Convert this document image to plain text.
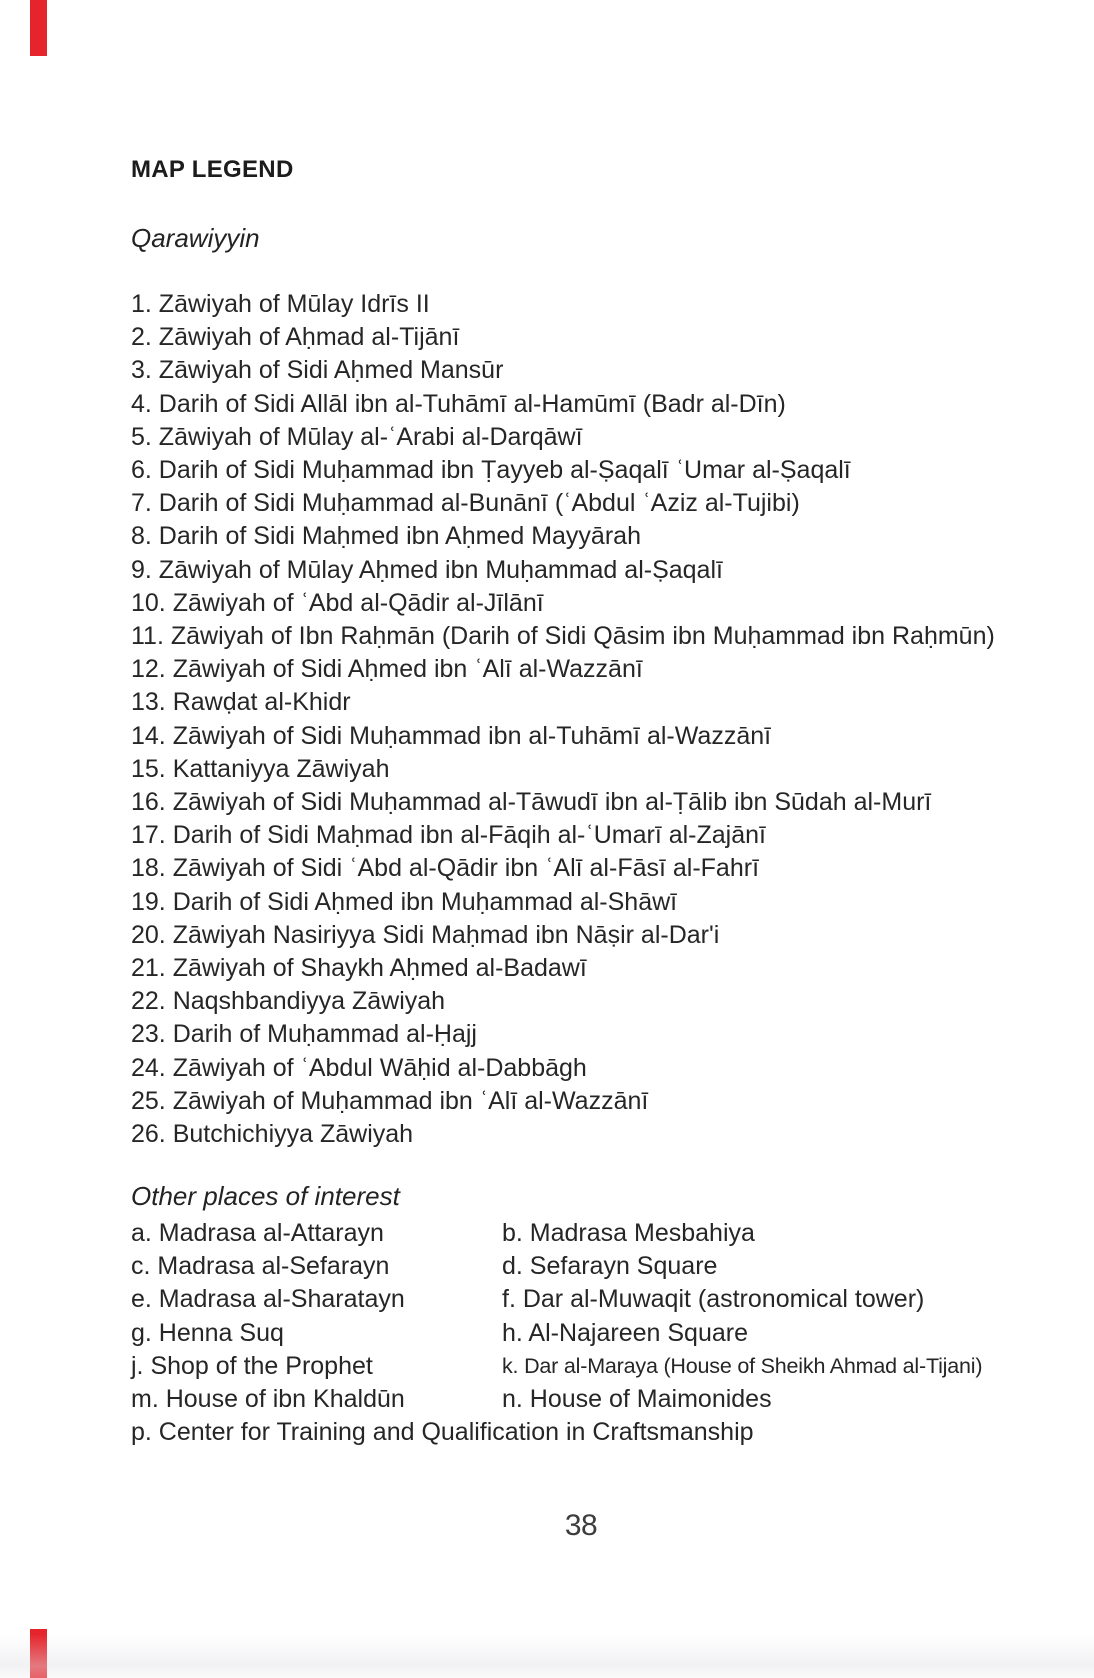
MAP LEGEND
Qarawiyyin
1. Zāwiyah of Mūlay Idrīs II
2. Zāwiyah of Aḥmad al-Tijānī
3. Zāwiyah of Sidi Aḥmed Mansūr
4. Darih of Sidi Allāl ibn al-Tuhāmī al-Hamūmī (Badr al-Dīn)
5. Zāwiyah of Mūlay al-ʿArabi al-Darqāwī
6. Darih of Sidi Muḥammad ibn Ṭayyeb al-Ṣaqalī ʿUmar al-Ṣaqalī
7. Darih of Sidi Muḥammad al-Bunānī (ʿAbdul ʿAziz al-Tujibi)
8. Darih of Sidi Maḥmed ibn Aḥmed Mayyārah
9. Zāwiyah of Mūlay Aḥmed ibn Muḥammad al-Ṣaqalī
10. Zāwiyah of ʿAbd al-Qādir al-Jīlānī
11. Zāwiyah of Ibn Raḥmān (Darih of Sidi Qāsim ibn Muḥammad ibn Raḥmūn)
12. Zāwiyah of Sidi Aḥmed ibn ʿAlī al-Wazzānī
13. Rawḍat al-Khidr
14. Zāwiyah of Sidi Muḥammad ibn al-Tuhāmī al-Wazzānī
15. Kattaniyya Zāwiyah
16. Zāwiyah of Sidi Muḥammad al-Tāwudī ibn al-Ṭālib ibn Sūdah al-Murī
17. Darih of Sidi Maḥmad ibn al-Fāqih al-ʿUmarī al-Zajānī
18. Zāwiyah of Sidi ʿAbd al-Qādir ibn ʿAlī al-Fāsī al-Fahrī
19. Darih of Sidi Aḥmed ibn Muḥammad al-Shāwī
20. Zāwiyah Nasiriyya Sidi Maḥmad ibn Nāṣir al-Dar'i
21. Zāwiyah of Shaykh Aḥmed al-Badawī
22. Naqshbandiyya Zāwiyah
23. Darih of Muḥammad al-Ḥajj
24. Zāwiyah of ʿAbdul Wāḥid al-Dabbāgh
25. Zāwiyah of Muḥammad ibn ʿAlī al-Wazzānī
26. Butchichiyya Zāwiyah
Other places of interest
a. Madrasa al-Attarayn	b. Madrasa Mesbahiya
c. Madrasa al-Sefarayn	d. Sefarayn Square
e. Madrasa al-Sharatayn	f. Dar al-Muwaqit (astronomical tower)
g. Henna Suq	h. Al-Najareen Square
j. Shop of the Prophet	k. Dar al-Maraya (House of Sheikh Ahmad al-Tijani)
m. House of ibn Khaldūn	n. House of Maimonides
p. Center for Training and Qualification in Craftsmanship
38
